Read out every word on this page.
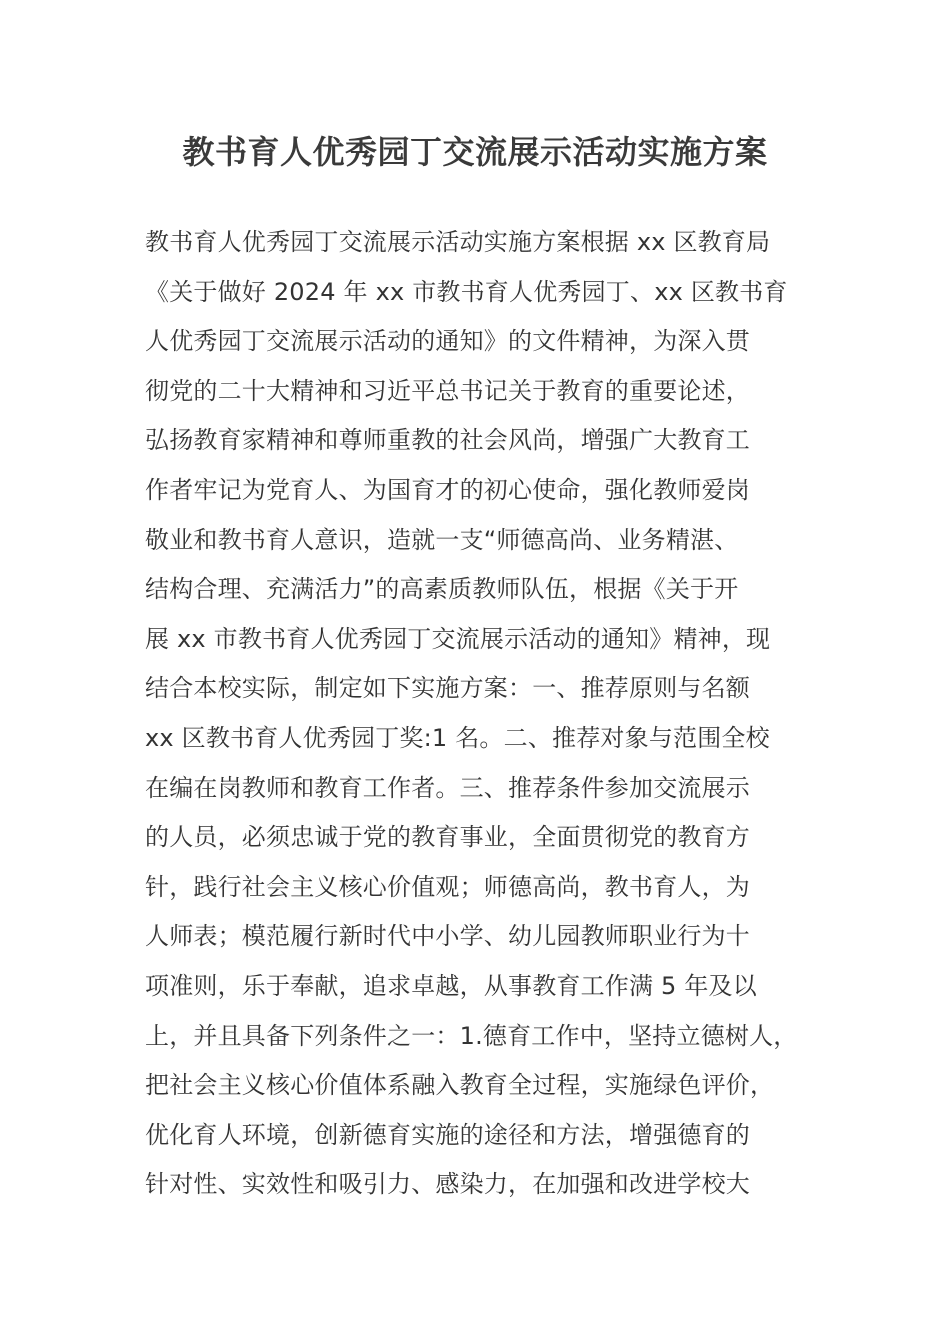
教书育人优秀园丁交流展示活动实施方案
教书育人优秀园丁交流展示活动实施方案根据 xx 区教育局
《关于做好 2024 年 xx 市教书育人优秀园丁、xx 区教书育
人优秀园丁交流展示活动的通知》的文件精神，为深入贯
彻党的二十大精神和习近平总书记关于教育的重要论述，
弘扬教育家精神和尊师重教的社会风尚，增强广大教育工
作者牢记为党育人、为国育才的初心使命，强化教师爱岗
敬业和教书育人意识，造就一支“师德高尚、业务精湛、
结构合理、充满活力”的高素质教师队伍，根据《关于开
展 xx 市教书育人优秀园丁交流展示活动的通知》精神，现
结合本校实际，制定如下实施方案：一、推荐原则与名额
xx 区教书育人优秀园丁奖:1 名。二、推荐对象与范围全校
在编在岗教师和教育工作者。三、推荐条件参加交流展示
的人员，必须忠诚于党的教育事业，全面贯彻党的教育方
针，践行社会主义核心价值观；师德高尚，教书育人，为
人师表；模范履行新时代中小学、幼儿园教师职业行为十
项准则，乐于奉献，追求卓越，从事教育工作满 5 年及以
上，并且具备下列条件之一：1.德育工作中，坚持立德树人，
把社会主义核心价值体系融入教育全过程，实施绿色评价，
优化育人环境，创新德育实施的途径和方法，增强德育的
针对性、实效性和吸引力、感染力，在加强和改进学校大
